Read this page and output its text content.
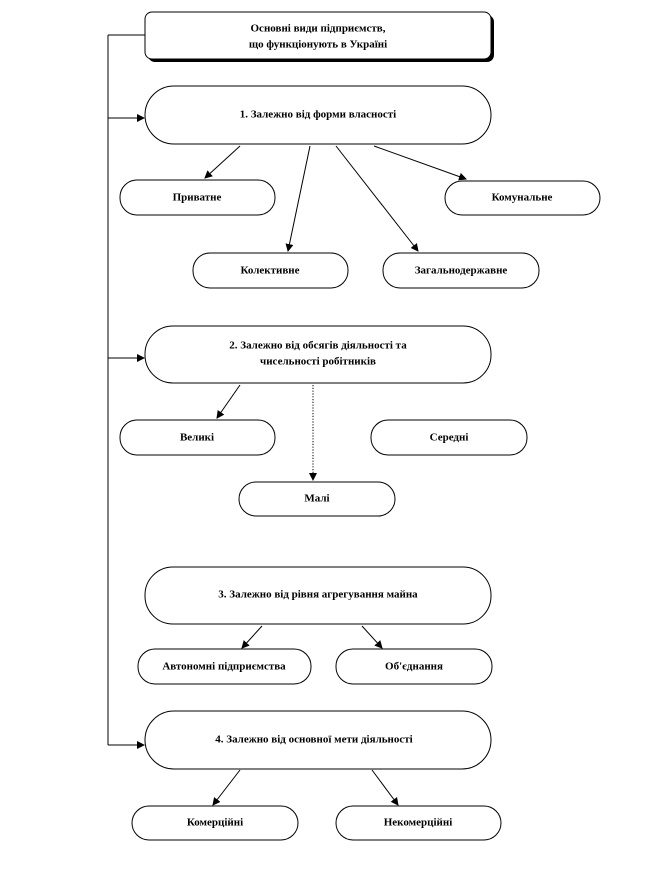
Основні види підприємств,
що функціонують в Україні
1. Залежно від форми власності
Приватне	Комунальне
Колективне	Загальнодержавне
2. Залежно від обсягів діяльності та
чисельності робітників
Великі	Середні
Малі
3. Залежно від рівня агрегування майна
Автономні підприємства	Об'єднання
4. Залежно від основної мети діяльності
Комерційні	Некомерційні
